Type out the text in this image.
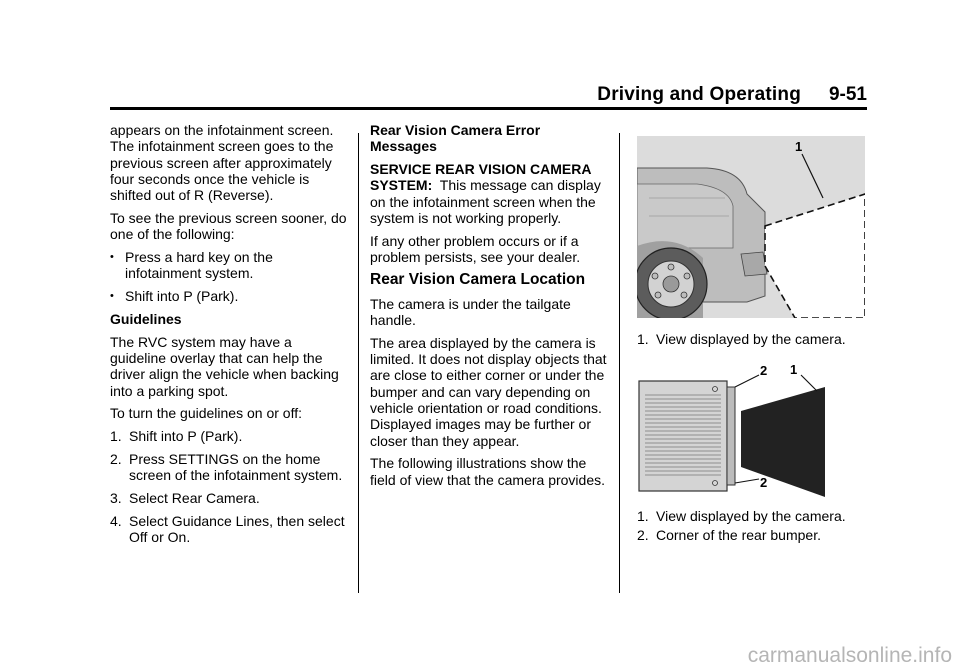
Driving and Operating 9-51

appears on the infotainment screen. The infotainment screen goes to the previous screen after approximately four seconds once the vehicle is shifted out of R (Reverse).

To see the previous screen sooner, do one of the following:

• Press a hard key on the infotainment system.
• Shift into P (Park).

Guidelines

The RVC system may have a guideline overlay that can help the driver align the vehicle when backing into a parking spot.

To turn the guidelines on or off:

1. Shift into P (Park).
2. Press SETTINGS on the home screen of the infotainment system.
3. Select Rear Camera.
4. Select Guidance Lines, then select Off or On.

Rear Vision Camera Error Messages

SERVICE REAR VISION CAMERA SYSTEM: This message can display on the infotainment screen when the system is not working properly.

If any other problem occurs or if a problem persists, see your dealer.

Rear Vision Camera Location

The camera is under the tailgate handle.

The area displayed by the camera is limited. It does not display objects that are close to either corner or under the bumper and can vary depending on vehicle orientation or road conditions. Displayed images may be further or closer than they appear.

The following illustrations show the field of view that the camera provides.

1
1. View displayed by the camera.
2 1
2
1. View displayed by the camera.
2. Corner of the rear bumper.
carmanualsonline.info
